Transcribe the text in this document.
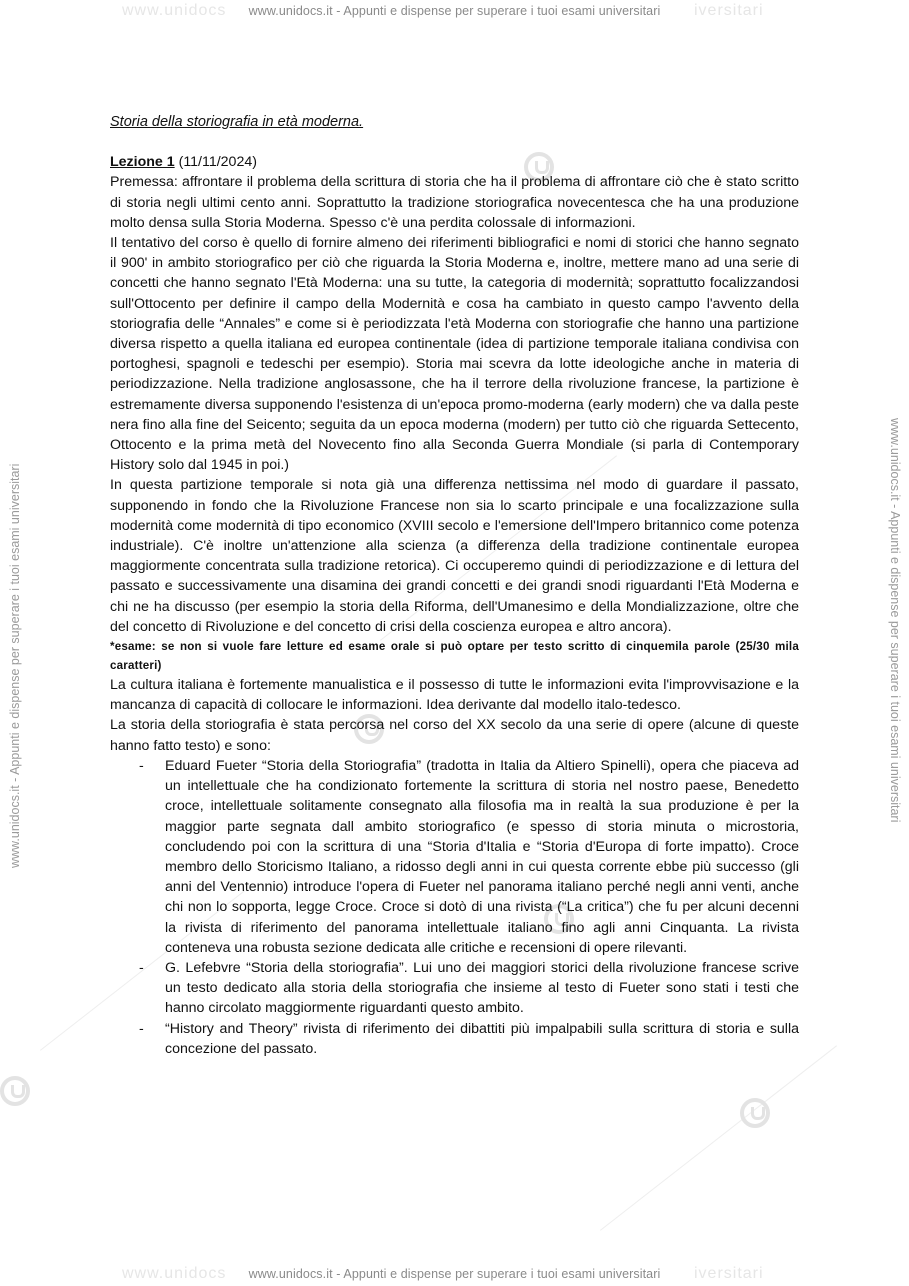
www.unidocs	iversitari
www.unidocs.it - Appunti e dispense per superare i tuoi esami universitari
www.unidocs.it - Appunti e dispense per superare i tuoi esami universitari	www.unidocs.it - Appunti e dispense per superare i tuoi esami universitari

Storia della storiografia in età moderna.

Lezione 1 (11/11/2024)

Premessa: affrontare il problema della scrittura di storia che ha il problema di affrontare ciò che è stato scritto di storia negli ultimi cento anni. Soprattutto la tradizione storiografica novecentesca che ha una produzione molto densa sulla Storia Moderna. Spesso c'è una perdita colossale di informazioni.

Il tentativo del corso è quello di fornire almeno dei riferimenti bibliografici e nomi di storici che hanno segnato il 900' in ambito storiografico per ciò che riguarda la Storia Moderna e, inoltre, mettere mano ad una serie di concetti che hanno segnato l'Età Moderna: una su tutte, la categoria di modernità; soprattutto focalizzandosi sull'Ottocento per definire il campo della Modernità e cosa ha cambiato in questo campo l'avvento della storiografia delle “Annales” e come si è periodizzata l'età Moderna con storiografie che hanno una partizione diversa rispetto a quella italiana ed europea continentale (idea di partizione temporale italiana condivisa con portoghesi, spagnoli e tedeschi per esempio). Storia mai scevra da lotte ideologiche anche in materia di periodizzazione. Nella tradizione anglosassone, che ha il terrore della rivoluzione francese, la partizione è estremamente diversa supponendo l'esistenza di un'epoca promo-moderna (early modern) che va dalla peste nera fino alla fine del Seicento; seguita da un epoca moderna (modern) per tutto ciò che riguarda Settecento, Ottocento e la prima metà del Novecento fino alla Seconda Guerra Mondiale (si parla di Contemporary History solo dal 1945 in poi.)

In questa partizione temporale si nota già una differenza nettissima nel modo di guardare il passato, supponendo in fondo che la Rivoluzione Francese non sia lo scarto principale e una focalizzazione sulla modernità come modernità di tipo economico (XVIII secolo e l'emersione dell'Impero britannico come potenza industriale). C'è inoltre un'attenzione alla scienza (a differenza della tradizione continentale europea maggiormente concentrata sulla tradizione retorica). Ci occuperemo quindi di periodizzazione e di lettura del passato e successivamente una disamina dei grandi concetti e dei grandi snodi riguardanti l'Età Moderna e chi ne ha discusso (per esempio la storia della Riforma, dell'Umanesimo e della Mondializzazione, oltre che del concetto di Rivoluzione e del concetto di crisi della coscienza europea e altro ancora).

*esame: se non si vuole fare letture ed esame orale si può optare per testo scritto di cinquemila parole (25/30 mila caratteri)

La cultura italiana è fortemente manualistica e il possesso di tutte le informazioni evita l'improvvisazione e la mancanza di capacità di collocare le informazioni. Idea derivante dal modello italo-tedesco.

La storia della storiografia è stata percorsa nel corso del XX secolo da una serie di opere (alcune di queste hanno fatto testo) e sono:

- Eduard Fueter “Storia della Storiografia” (tradotta in Italia da Altiero Spinelli), opera che piaceva ad un intellettuale che ha condizionato fortemente la scrittura di storia nel nostro paese, Benedetto croce, intellettuale solitamente consegnato alla filosofia ma in realtà la sua produzione è per la maggior parte segnata dall ambito storiografico (e spesso di storia minuta o microstoria, concludendo poi con la scrittura di una “Storia d'Italia e “Storia d'Europa di forte impatto). Croce membro dello Storicismo Italiano, a ridosso degli anni in cui questa corrente ebbe più successo (gli anni del Ventennio) introduce l'opera di Fueter nel panorama italiano perché negli anni venti, anche chi non lo sopporta, legge Croce. Croce si dotò di una rivista (“La critica”) che fu per alcuni decenni la rivista di riferimento del panorama intellettuale italiano fino agli anni Cinquanta. La rivista conteneva una robusta sezione dedicata alle critiche e recensioni di opere rilevanti.
- G. Lefebvre “Storia della storiografia”. Lui uno dei maggiori storici della rivoluzione francese scrive un testo dedicato alla storia della storiografia che insieme al testo di Fueter sono stati i testi che hanno circolato maggiormente riguardanti questo ambito.
- “History and Theory” rivista di riferimento dei dibattiti più impalpabili sulla scrittura di storia e sulla concezione del passato.
www.unidocs	iversitari
www.unidocs.it - Appunti e dispense per superare i tuoi esami universitari
